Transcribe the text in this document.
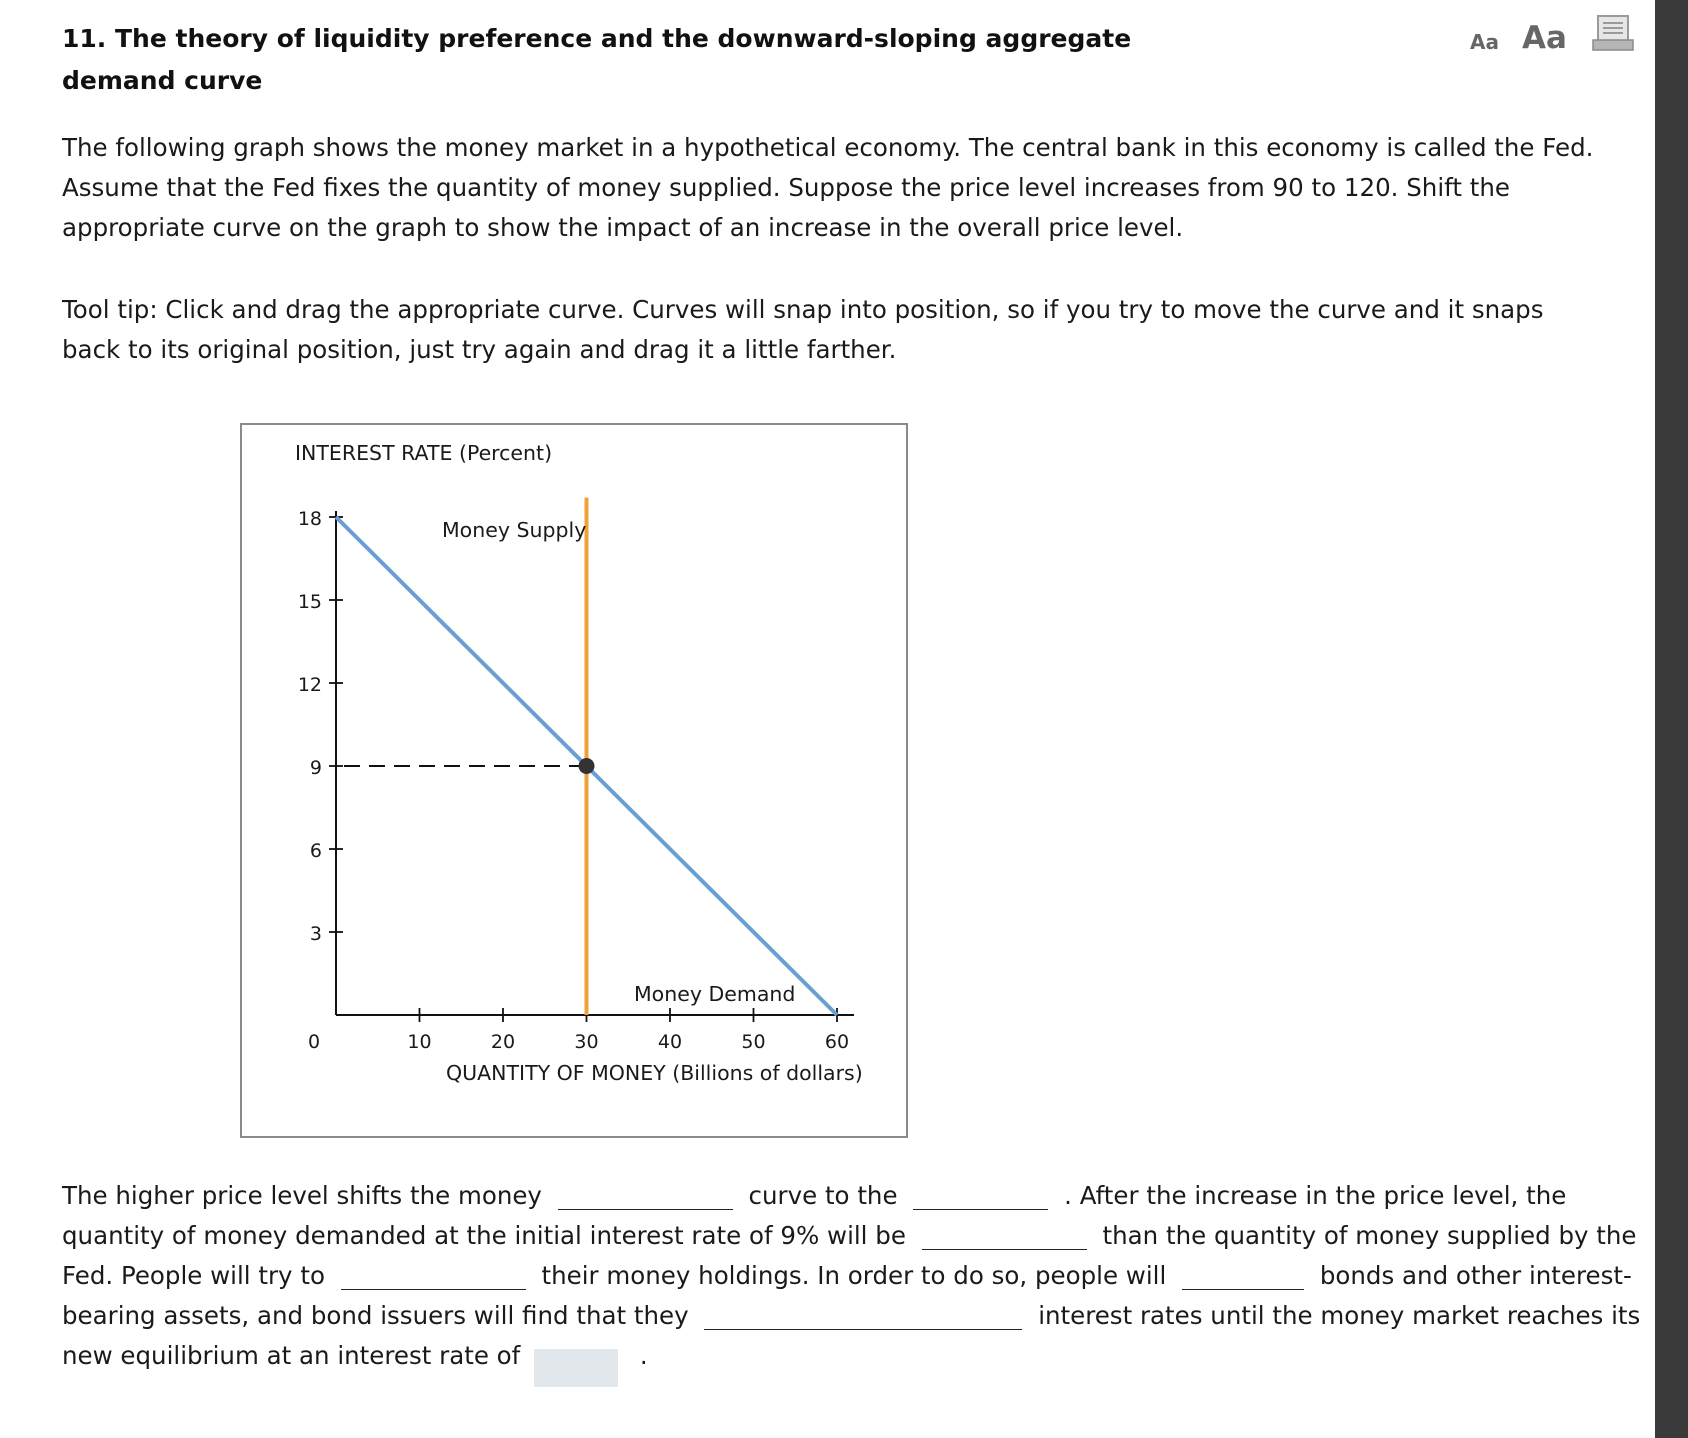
11. The theory of liquidity preference and the downward-sloping aggregate demand curve
Aa Aa
The following graph shows the money market in a hypothetical economy. The central bank in this economy is called the Fed. Assume that the Fed fixes the quantity of money supplied. Suppose the price level increases from 90 to 120. Shift the appropriate curve on the graph to show the impact of an increase in the overall price level.
Tool tip: Click and drag the appropriate curve. Curves will snap into position, so if you try to move the curve and it snaps back to its original position, just try again and drag it a little farther.
3
6
9
12
15
18
10	20	30	40	50	60
0
Money Supply
Money Demand
INTEREST RATE (Percent)
QUANTITY OF MONEY (Billions of dollars)
The higher price level shifts the money	curve to the	. After the increase in the price level, the quantity of money demanded at the initial interest rate of 9% will be	than the quantity of money supplied by the Fed. People will try to	their money holdings. In order to do so, people will	bonds and other interest-bearing assets, and bond issuers will find that they	interest rates until the money market reaches its new equilibrium at an interest rate of	.
